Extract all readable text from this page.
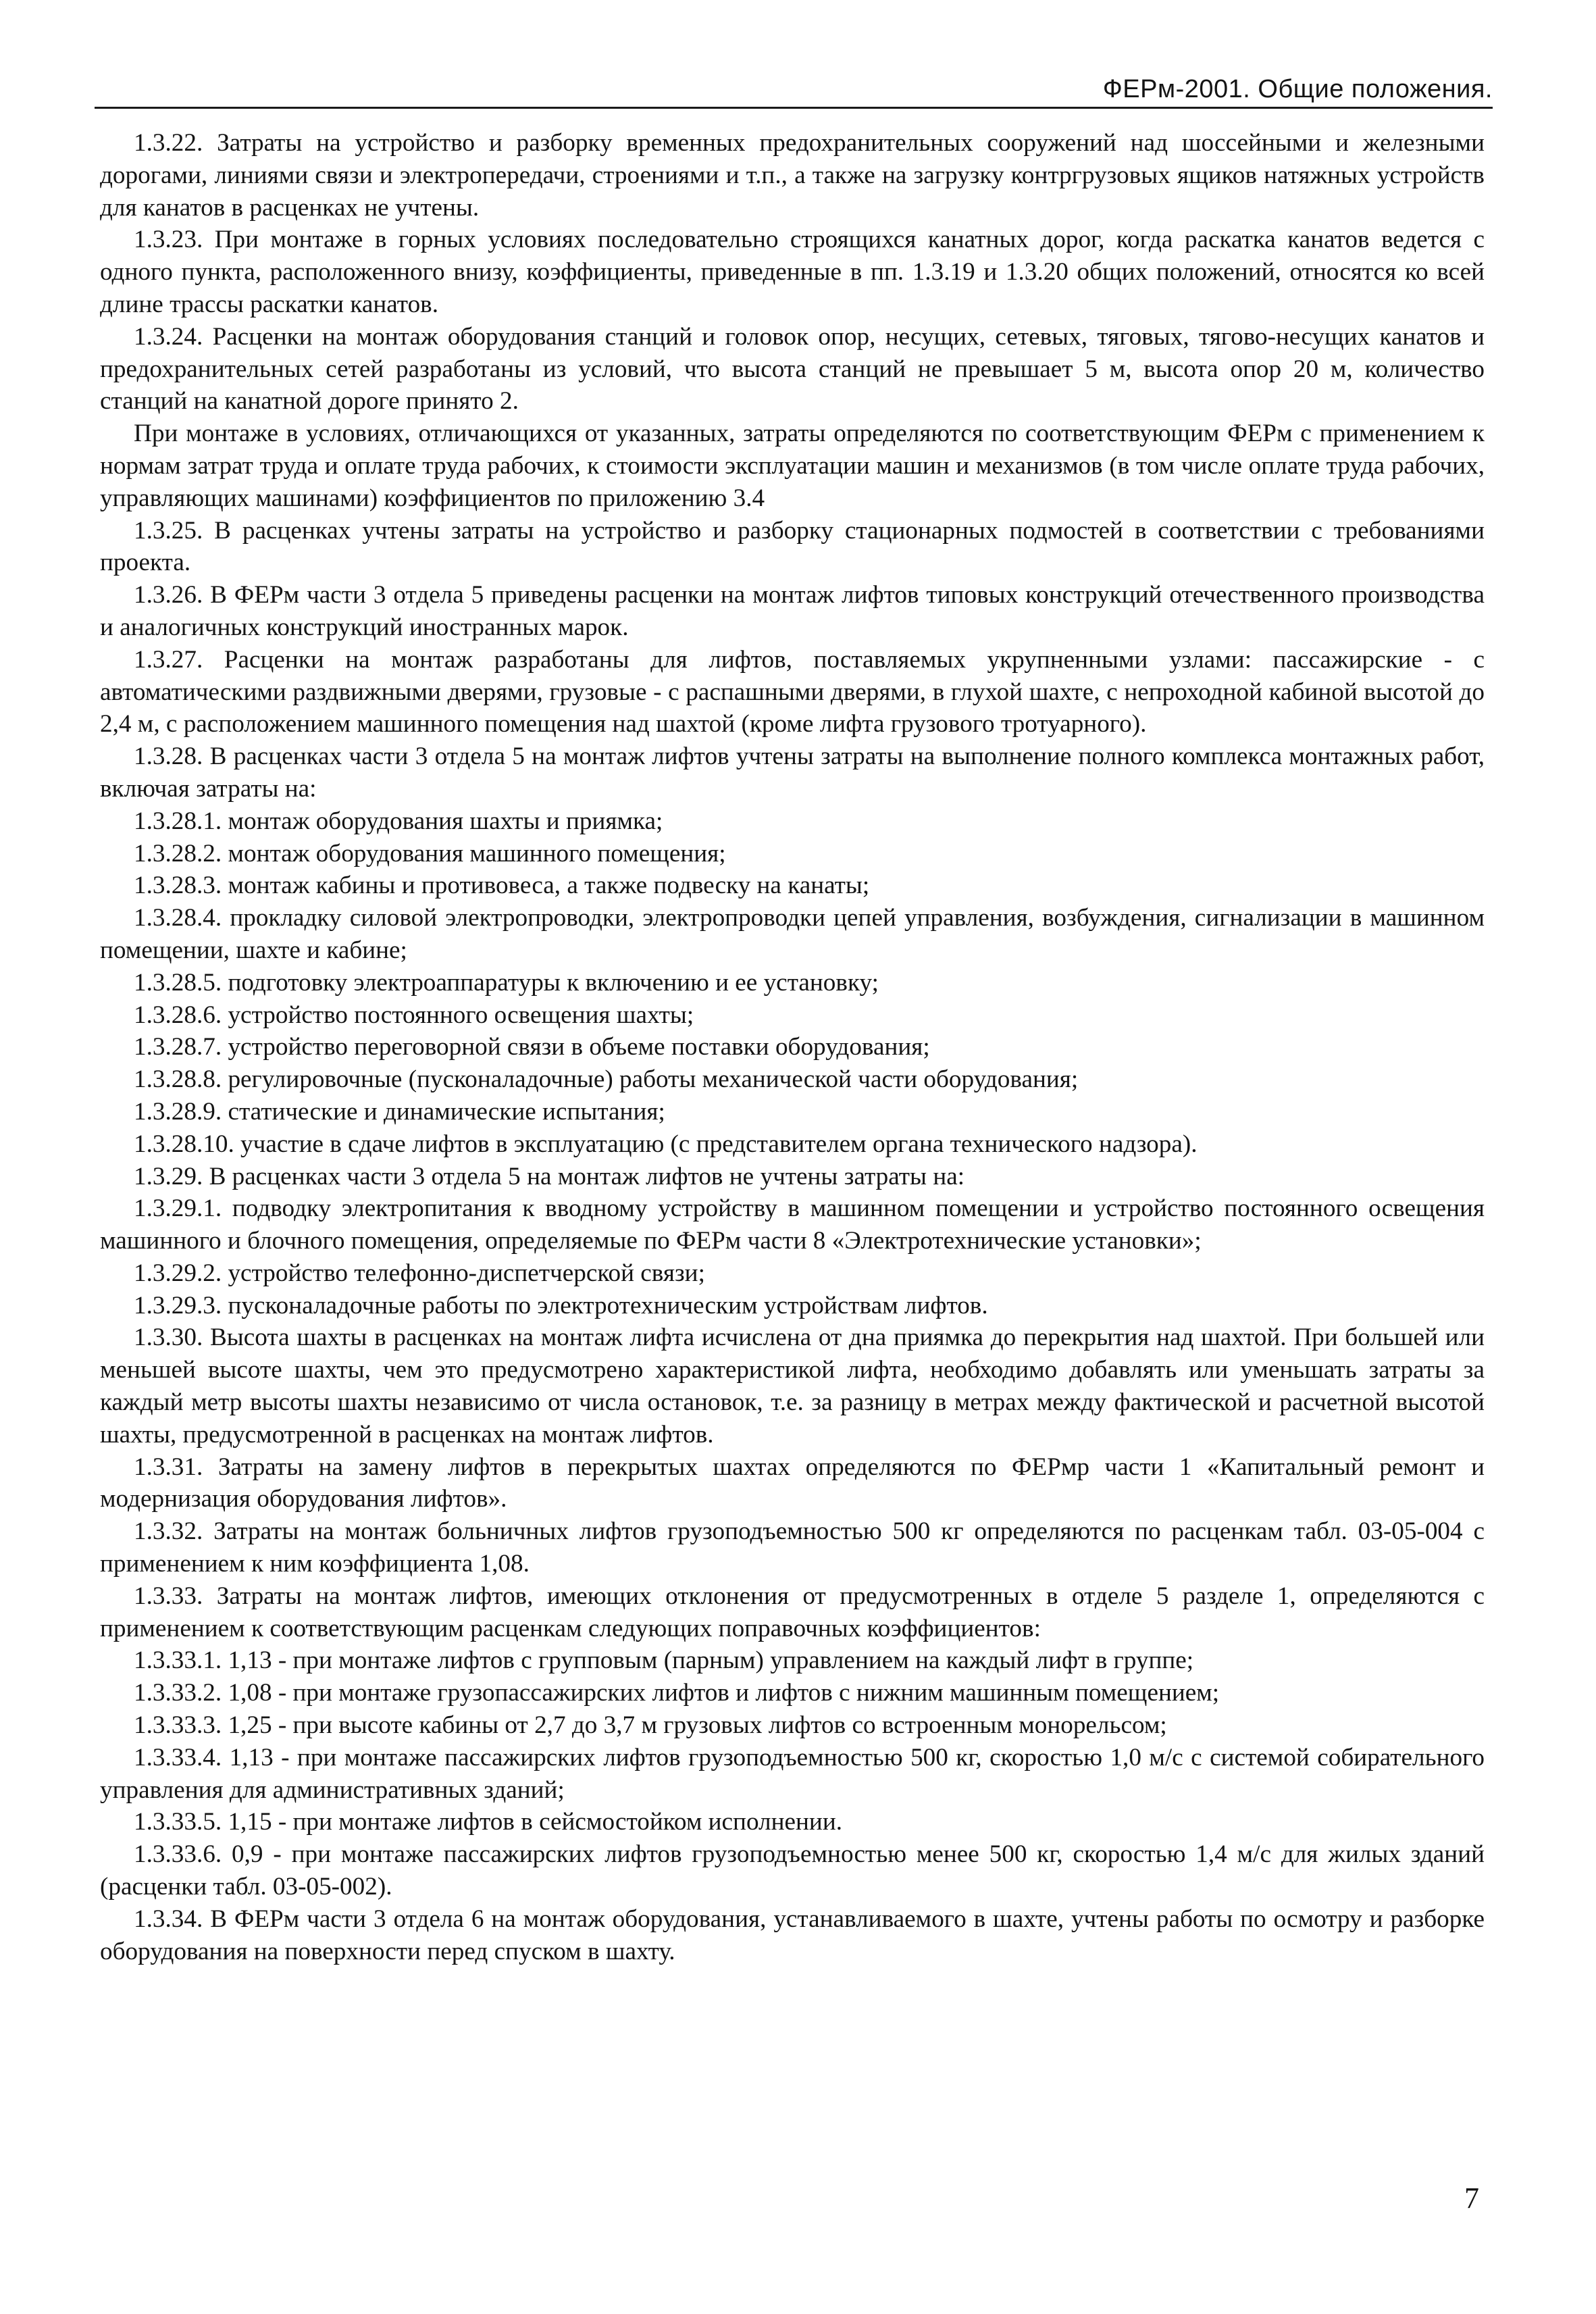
ФЕРм-2001. Общие положения.

1.3.22. Затраты на устройство и разборку временных предохранительных сооружений над шоссейными и железными дорогами, линиями связи и электропередачи, строениями и т.п., а также на загрузку контргрузовых ящиков натяжных устройств для канатов в расценках не учтены.

1.3.23. При монтаже в горных условиях последовательно строящихся канатных дорог, когда раскатка канатов ведется с одного пункта, расположенного внизу, коэффициенты, приведенные в пп. 1.3.19 и 1.3.20 общих положений, относятся ко всей длине трассы раскатки канатов.

1.3.24. Расценки на монтаж оборудования станций и головок опор, несущих, сетевых, тяговых, тягово-несущих канатов и предохранительных сетей разработаны из условий, что высота станций не превышает 5 м, высота опор 20 м, количество станций на канатной дороге принято 2.

При монтаже в условиях, отличающихся от указанных, затраты определяются по соответствующим ФЕРм с применением к нормам затрат труда и оплате труда рабочих, к стоимости эксплуатации машин и механизмов (в том числе оплате труда рабочих, управляющих машинами) коэффициентов по приложению 3.4

1.3.25. В расценках учтены затраты на устройство и разборку стационарных подмостей в соответствии с требованиями проекта.

1.3.26. В ФЕРм части 3 отдела 5 приведены расценки на монтаж лифтов типовых конструкций отечественного производства и аналогичных конструкций иностранных марок.

1.3.27. Расценки на монтаж разработаны для лифтов, поставляемых укрупненными узлами: пассажирские - с автоматическими раздвижными дверями, грузовые - с распашными дверями, в глухой шахте, с непроходной кабиной высотой до 2,4 м, с расположением машинного помещения над шахтой (кроме лифта грузового тротуарного).

1.3.28. В расценках части 3 отдела 5 на монтаж лифтов учтены затраты на выполнение полного комплекса монтажных работ, включая затраты на:

1.3.28.1. монтаж оборудования шахты и приямка;

1.3.28.2. монтаж оборудования машинного помещения;

1.3.28.3. монтаж кабины и противовеса, а также подвеску на канаты;

1.3.28.4. прокладку силовой электропроводки, электропроводки цепей управления, возбуждения, сигнализации в машинном помещении, шахте и кабине;

1.3.28.5. подготовку электроаппаратуры к включению и ее установку;

1.3.28.6. устройство постоянного освещения шахты;

1.3.28.7. устройство переговорной связи в объеме поставки оборудования;

1.3.28.8. регулировочные (пусконаладочные) работы механической части оборудования;

1.3.28.9. статические и динамические испытания;

1.3.28.10. участие в сдаче лифтов в эксплуатацию (с представителем органа технического надзора).

1.3.29. В расценках части 3 отдела 5 на монтаж лифтов не учтены затраты на:

1.3.29.1. подводку электропитания к вводному устройству в машинном помещении и устройство постоянного освещения машинного и блочного помещения, определяемые по ФЕРм части 8 «Электротехнические установки»;

1.3.29.2. устройство телефонно-диспетчерской связи;

1.3.29.3. пусконаладочные работы по электротехническим устройствам лифтов.

1.3.30. Высота шахты в расценках на монтаж лифта исчислена от дна приямка до перекрытия над шахтой. При большей или меньшей высоте шахты, чем это предусмотрено характеристикой лифта, необходимо добавлять или уменьшать затраты за каждый метр высоты шахты независимо от числа остановок, т.е. за разницу в метрах между фактической и расчетной высотой шахты, предусмотренной в расценках на монтаж лифтов.

1.3.31. Затраты на замену лифтов в перекрытых шахтах определяются по ФЕРмр части 1 «Капитальный ремонт и модернизация оборудования лифтов».

1.3.32. Затраты на монтаж больничных лифтов грузоподъемностью 500 кг определяются по расценкам табл. 03-05-004 с применением к ним коэффициента 1,08.

1.3.33. Затраты на монтаж лифтов, имеющих отклонения от предусмотренных в отделе 5 разделе 1, определяются с применением к соответствующим расценкам следующих поправочных коэффициентов:

1.3.33.1. 1,13 - при монтаже лифтов с групповым (парным) управлением на каждый лифт в группе;

1.3.33.2. 1,08 - при монтаже грузопассажирских лифтов и лифтов с нижним машинным помещением;

1.3.33.3. 1,25 - при высоте кабины от 2,7 до 3,7 м грузовых лифтов со встроенным монорельсом;

1.3.33.4. 1,13 - при монтаже пассажирских лифтов грузоподъемностью 500 кг, скоростью 1,0 м/с с системой собирательного управления для административных зданий;

1.3.33.5. 1,15 - при монтаже лифтов в сейсмостойком исполнении.

1.3.33.6. 0,9 - при монтаже пассажирских лифтов грузоподъемностью менее 500 кг, скоростью 1,4 м/с для жилых зданий (расценки табл. 03-05-002).

1.3.34. В ФЕРм части 3 отдела 6 на монтаж оборудования, устанавливаемого в шахте, учтены работы по осмотру и разборке оборудования на поверхности перед спуском в шахту.

7
